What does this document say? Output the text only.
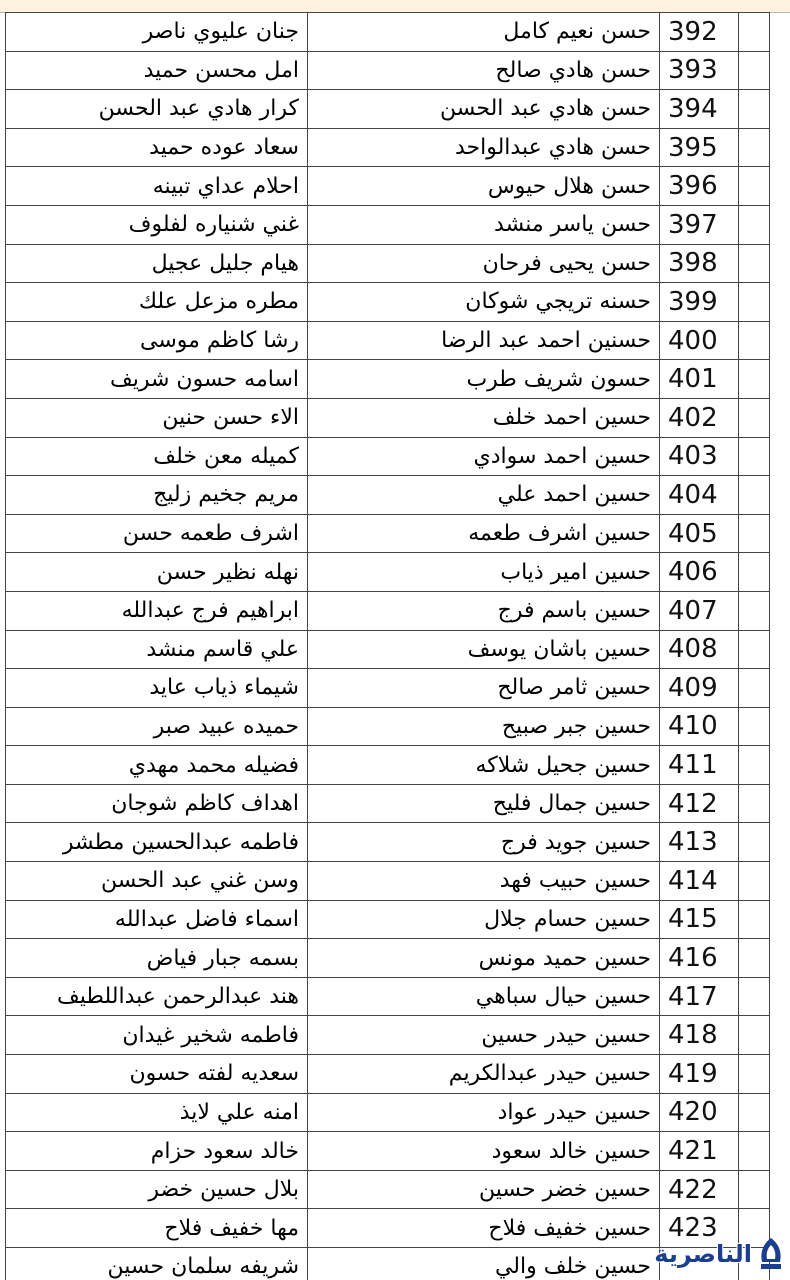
جنان عليوي ناصر	حسن نعيم كامل	392	
امل محسن حميد	حسن هادي صالح	393	
كرار هادي عبد الحسن	حسن هادي عبد الحسن	394	
سعاد عوده حميد	حسن هادي عبدالواحد	395	
احلام عداي تبينه	حسن هلال حيوس	396	
غني شنياره لفلوف	حسن ياسر منشد	397	
هيام جليل عجيل	حسن يحيى فرحان	398	
مطره مزعل علك	حسنه تريجي شوكان	399	
رشا كاظم موسى	حسنين احمد عبد الرضا	400	
اسامه حسون شريف	حسون شريف طرب	401	
الاء حسن حنين	حسين احمد خلف	402	
كميله معن خلف	حسين احمد سوادي	403	
مريم جخيم زليج	حسين احمد علي	404	
اشرف طعمه حسن	حسين اشرف طعمه	405	
نهله نظير حسن	حسين امير ذياب	406	
ابراهيم فرج عبدالله	حسين باسم فرج	407	
علي قاسم منشد	حسين باشان يوسف	408	
شيماء ذياب عايد	حسين ثامر صالح	409	
حميده عبيد صبر	حسين جبر صبيح	410	
فضيله محمد مهدي	حسين جحيل شلاكه	411	
اهداف كاظم شوجان	حسين جمال فليح	412	
فاطمه عبدالحسين مطشر	حسين جويد فرج	413	
وسن غني عبد الحسن	حسين حبيب فهد	414	
اسماء فاضل عبدالله	حسين حسام جلال	415	
بسمه جبار فياض	حسين حميد مونس	416	
هند عبدالرحمن عبداللطيف	حسين حيال سباهي	417	
فاطمه شخير غيدان	حسين حيدر حسين	418	
سعديه لفته حسون	حسين حيدر عبدالكريم	419	
امنه علي لايذ	حسين حيدر عواد	420	
خالد سعود حزام	حسين خالد سعود	421	
بلال حسين خضر	حسين خضر حسين	422	
مها خفيف فلاح	حسين خفيف فلاح	423	
شريفه سلمان حسين	حسين خلف والي		الناصرية
